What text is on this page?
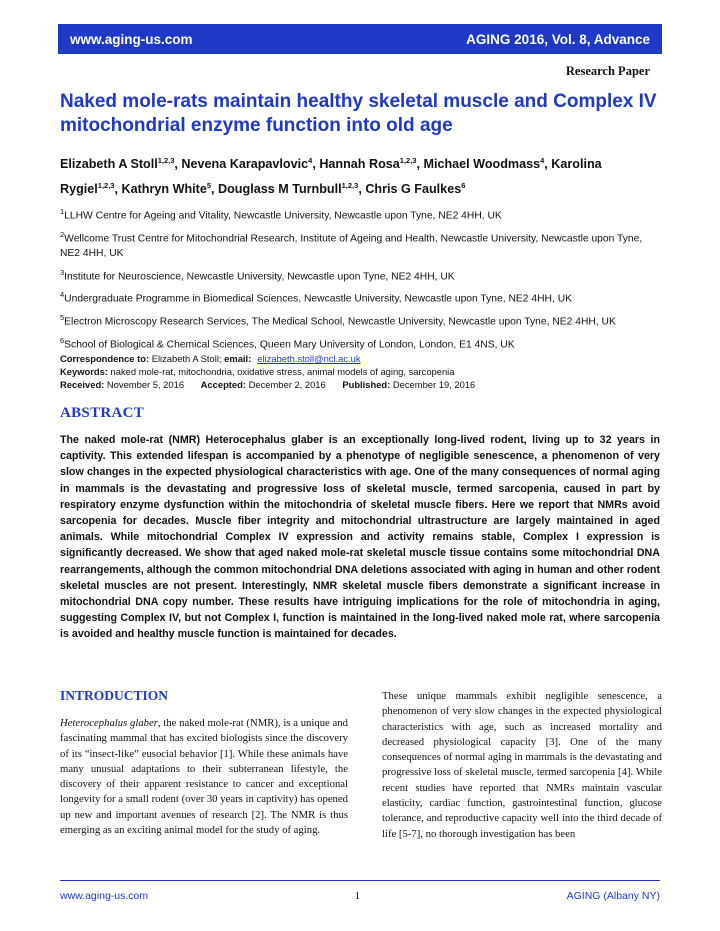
www.aging-us.com	AGING 2016, Vol. 8, Advance
Research Paper
Naked mole-rats maintain healthy skeletal muscle and Complex IV mitochondrial enzyme function into old age
Elizabeth A Stoll$^{1,2,3}$, Nevena Karapavlovic$^4$, Hannah Rosa$^{1,2,3}$, Michael Woodmass$^4$, Karolina Rygiel$^{1,2,3}$, Kathryn White$^5$, Douglass M Turnbull$^{1,2,3}$, Chris G Faulkes$^6$
$^1$LLHW Centre for Ageing and Vitality, Newcastle University, Newcastle upon Tyne, NE2 4HH, UK
$^2$Wellcome Trust Centre for Mitochondrial Research, Institute of Ageing and Health, Newcastle University, Newcastle upon Tyne, NE2 4HH, UK
$^3$Institute for Neuroscience, Newcastle University, Newcastle upon Tyne, NE2 4HH, UK
$^4$Undergraduate Programme in Biomedical Sciences, Newcastle University, Newcastle upon Tyne, NE2 4HH, UK
$^5$Electron Microscopy Research Services, The Medical School, Newcastle University, Newcastle upon Tyne, NE2 4HH, UK
$^6$School of Biological & Chemical Sciences, Queen Mary University of London, London, E1 4NS, UK
Correspondence to: Elizabeth A Stoll; email: elizabeth.stoll@ncl.ac.uk
Keywords: naked mole-rat, mitochondria, oxidative stress, animal models of aging, sarcopenia
Received: November 5, 2016 Accepted: December 2, 2016 Published: December 19, 2016
ABSTRACT

The naked mole-rat (NMR) Heterocephalus glaber is an exceptionally long-lived rodent, living up to 32 years in captivity. This extended lifespan is accompanied by a phenotype of negligible senescence, a phenomenon of very slow changes in the expected physiological characteristics with age. One of the many consequences of normal aging in mammals is the devastating and progressive loss of skeletal muscle, termed sarcopenia, caused in part by respiratory enzyme dysfunction within the mitochondria of skeletal muscle fibers. Here we report that NMRs avoid sarcopenia for decades. Muscle fiber integrity and mitochondrial ultrastructure are largely maintained in aged animals. While mitochondrial Complex IV expression and activity remains stable, Complex I expression is significantly decreased. We show that aged naked mole-rat skeletal muscle tissue contains some mitochondrial DNA rearrangements, although the common mitochondrial DNA deletions associated with aging in human and other rodent skeletal muscles are not present. Interestingly, NMR skeletal muscle fibers demonstrate a significant increase in mitochondrial DNA copy number. These results have intriguing implications for the role of mitochondria in aging, suggesting Complex IV, but not Complex I, function is maintained in the long-lived naked mole rat, where sarcopenia is avoided and healthy muscle function is maintained for decades.

INTRODUCTION

Heterocephalus glaber, the naked mole-rat (NMR), is a unique and fascinating mammal that has excited biologists since the discovery of its “insect-like” eusocial behavior [1]. While these animals have many unusual adaptations to their subterranean lifestyle, the discovery of their apparent resistance to cancer and exceptional longevity for a small rodent (over 30 years in captivity) has opened up new and important avenues of research [2]. The NMR is thus emerging as an exciting animal model for the study of aging.

These unique mammals exhibit negligible senescence, a phenomenon of very slow changes in the expected physiological characteristics with age, such as increased mortality and decreased physiological capacity [3]. One of the many consequences of normal aging in mammals is the devastating and progressive loss of skeletal muscle, termed sarcopenia [4]. While recent studies have reported that NMRs maintain vascular elasticity, cardiac function, gastrointestinal function, glucose tolerance, and reproductive capacity well into the third decade of life [5-7], no thorough investigation has been

www.aging-us.com	1	AGING (Albany NY)
